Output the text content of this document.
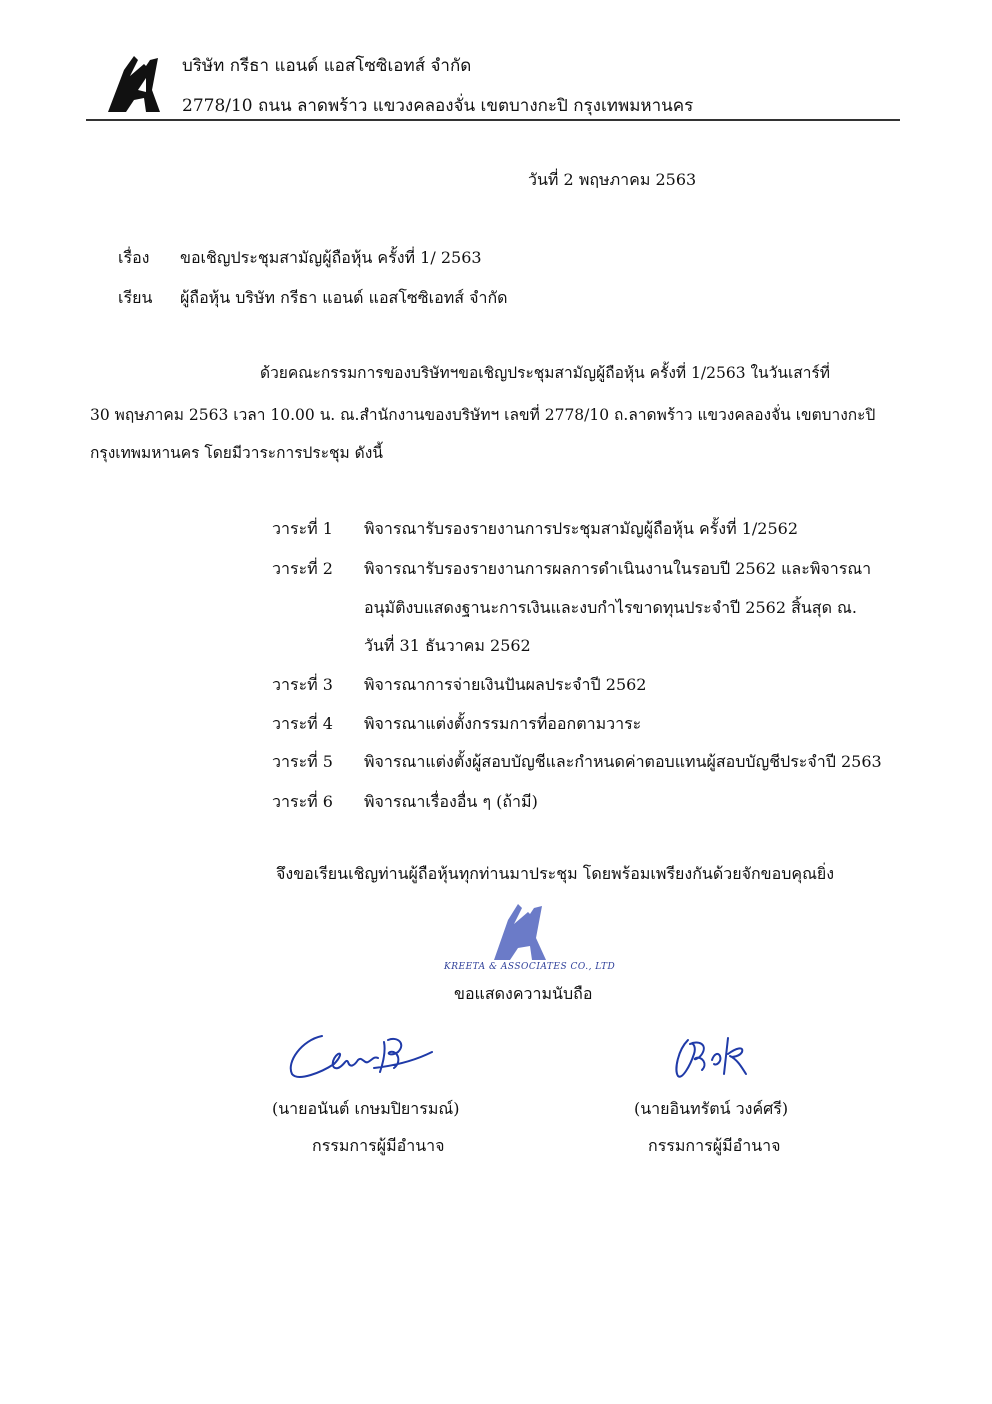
บริษัท กรีธา แอนด์ แอสโซซิเอทส์ จำกัด
2778/10 ถนน ลาดพร้าว แขวงคลองจั่น เขตบางกะปิ กรุงเทพมหานคร
วันที่ 2 พฤษภาคม 2563
เรื่อง ขอเชิญประชุมสามัญผู้ถือหุ้น ครั้งที่ 1/ 2563
เรียน ผู้ถือหุ้น บริษัท กรีธา แอนด์ แอสโซซิเอทส์ จำกัด
ด้วยคณะกรรมการของบริษัทฯขอเชิญประชุมสามัญผู้ถือหุ้น ครั้งที่ 1/2563 ในวันเสาร์ที่
30 พฤษภาคม 2563 เวลา 10.00 น. ณ.สำนักงานของบริษัทฯ เลขที่ 2778/10 ถ.ลาดพร้าว แขวงคลองจั่น เขตบางกะปิ
กรุงเทพมหานคร โดยมีวาระการประชุม ดังนี้
วาระที่ 1 พิจารณารับรองรายงานการประชุมสามัญผู้ถือหุ้น ครั้งที่ 1/2562
วาระที่ 2 พิจารณารับรองรายงานการผลการดำเนินงานในรอบปี 2562 และพิจารณา
อนุมัติงบแสดงฐานะการเงินและงบกำไรขาดทุนประจำปี 2562 สิ้นสุด ณ.
วันที่ 31 ธันวาคม 2562
วาระที่ 3 พิจารณาการจ่ายเงินปันผลประจำปี 2562
วาระที่ 4 พิจารณาแต่งตั้งกรรมการที่ออกตามวาระ
วาระที่ 5 พิจารณาแต่งตั้งผู้สอบบัญชีและกำหนดค่าตอบแทนผู้สอบบัญชีประจำปี 2563
วาระที่ 6 พิจารณาเรื่องอื่น ๆ (ถ้ามี)
จึงขอเรียนเชิญท่านผู้ถือหุ้นทุกท่านมาประชุม โดยพร้อมเพรียงกันด้วยจักขอบคุณยิ่ง
KREETA & ASSOCIATES CO., LTD
ขอแสดงความนับถือ
(นายอนันต์ เกษมปิยารมณ์)
กรรมการผู้มีอำนาจ
(นายอินทรัตน์ วงค์ศรี)
กรรมการผู้มีอำนาจ
